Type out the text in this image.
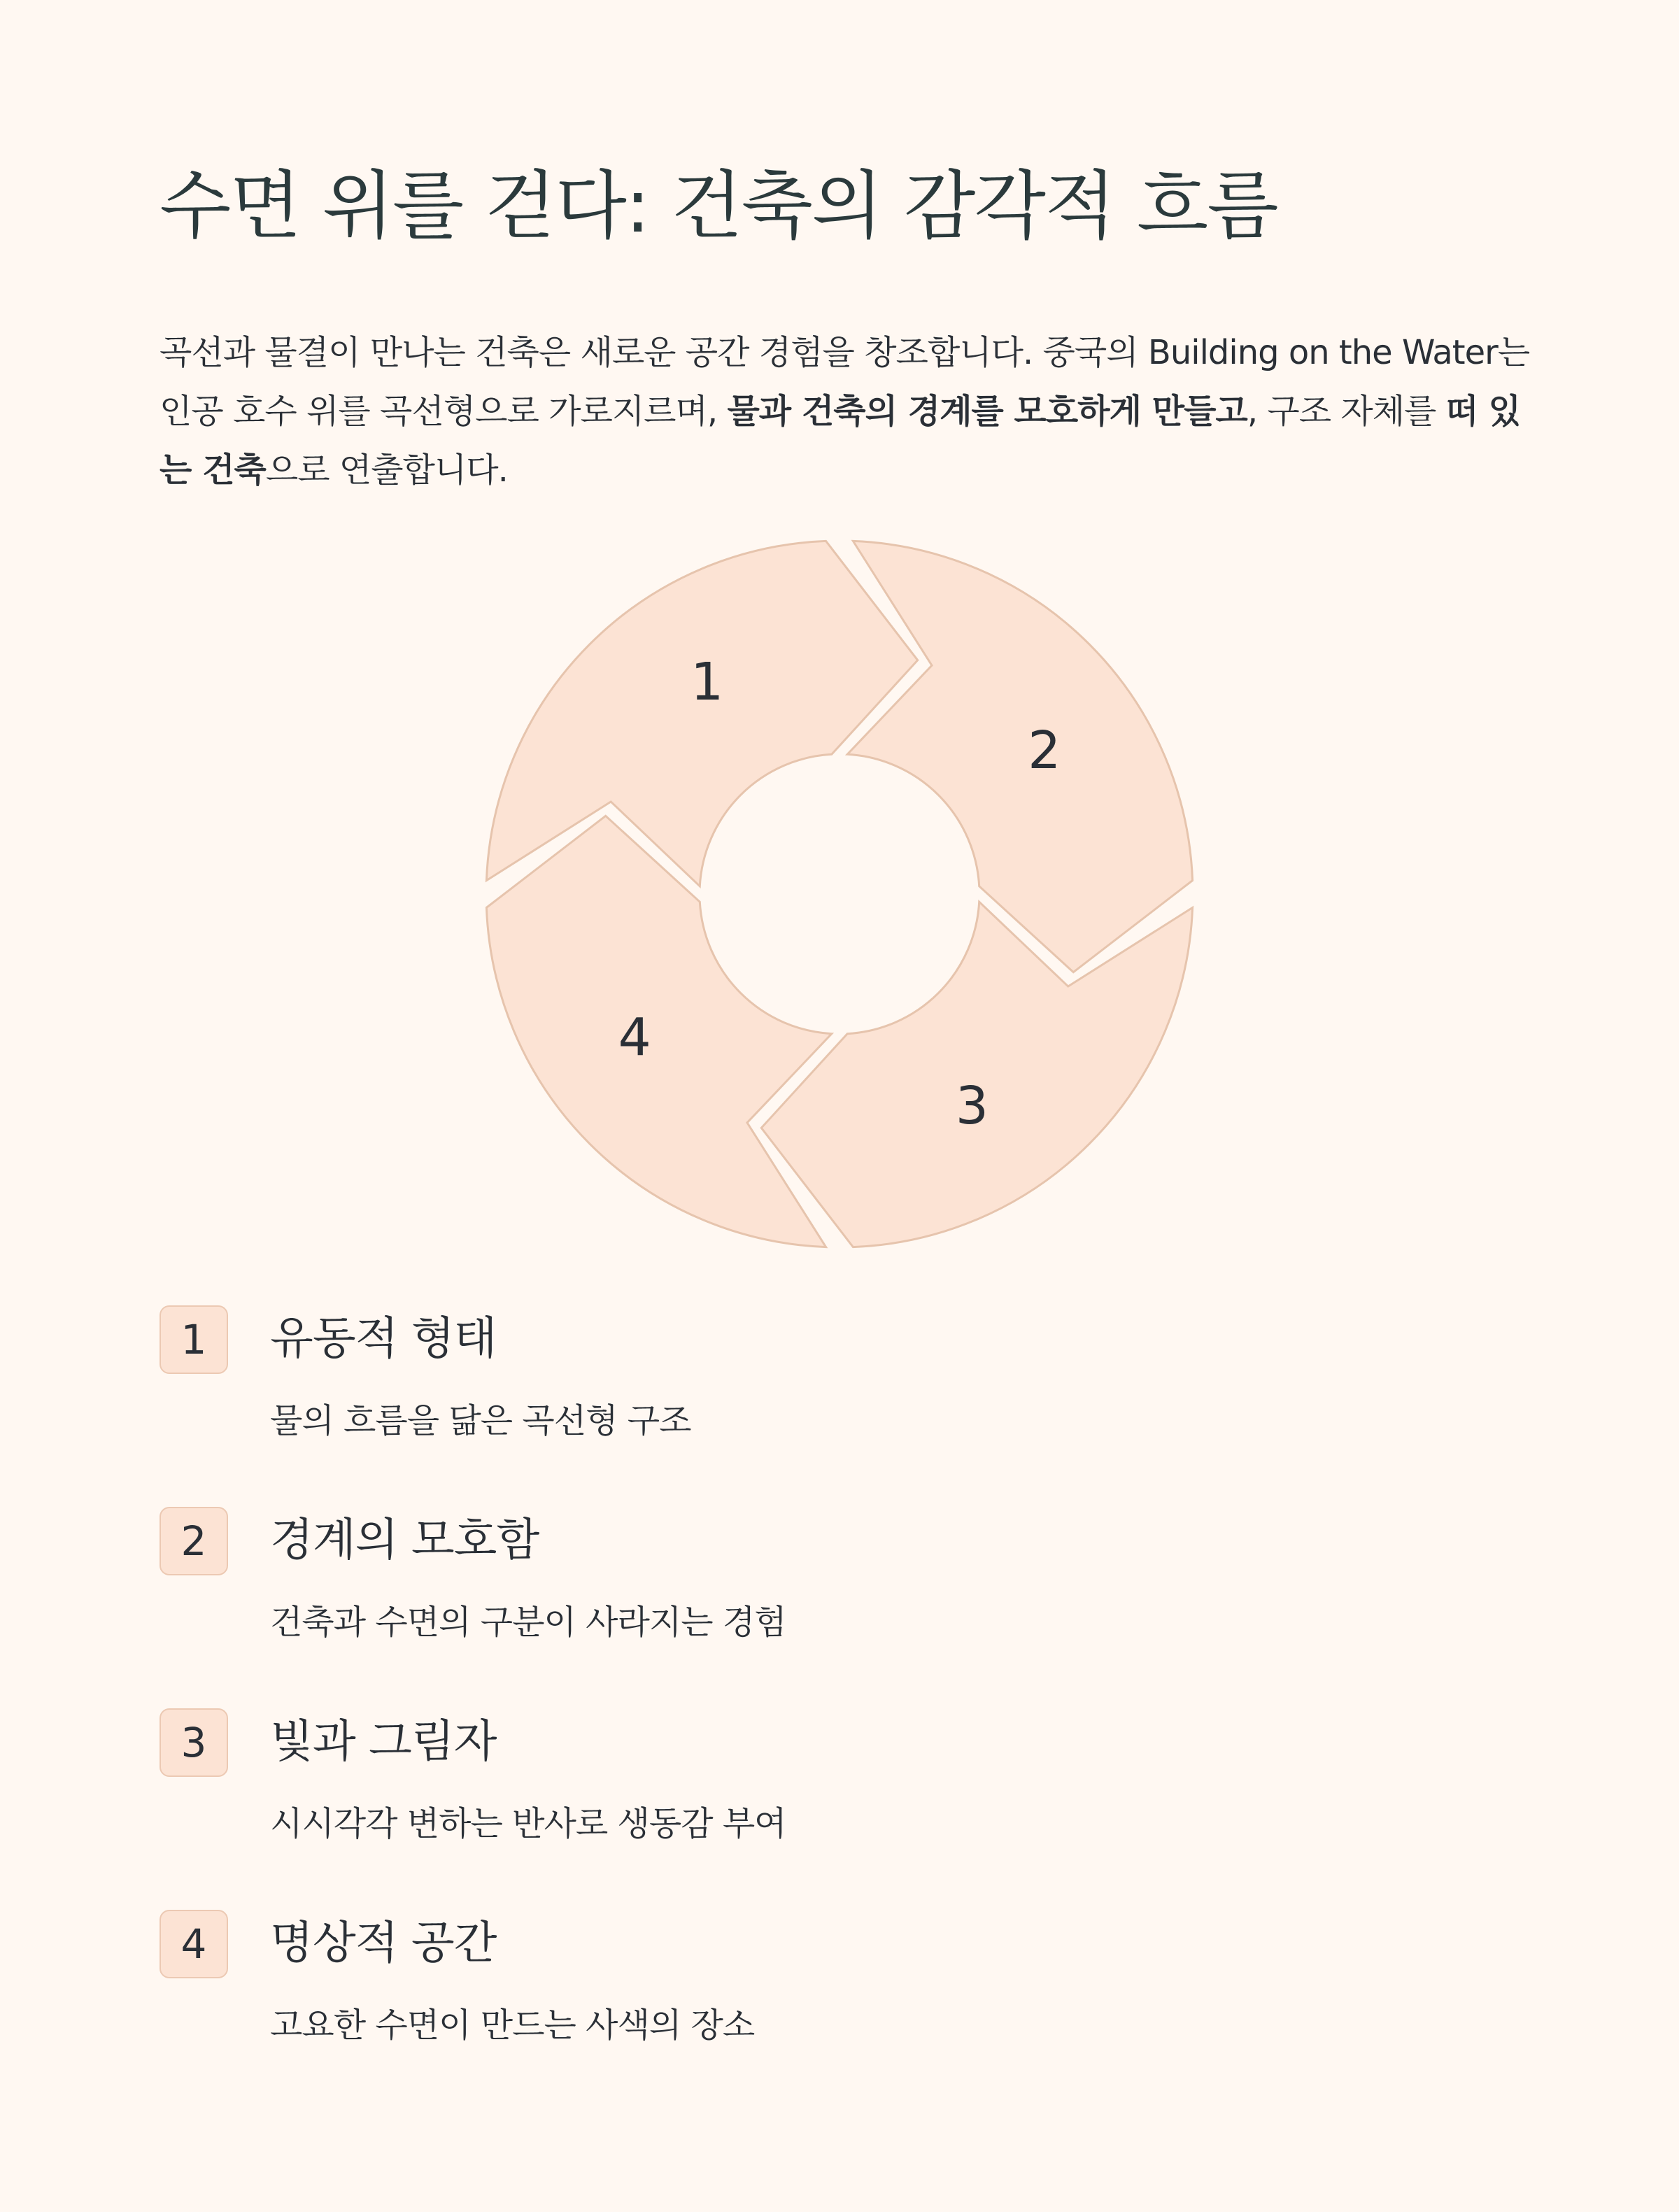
수면 위를 걷다: 건축의 감각적 흐름

곡선과 물결이 만나는 건축은 새로운 공간 경험을 창조합니다. 중국의 Building on the Water는 인공 호수 위를 곡선형으로 가로지르며, 물과 건축의 경계를 모호하게 만들고, 구조 자체를 떠 있는 건축으로 연출합니다.

1
2
3
4
1	유동적 형태
물의 흐름을 닮은 곡선형 구조
2	경계의 모호함
건축과 수면의 구분이 사라지는 경험
3	빛과 그림자
시시각각 변하는 반사로 생동감 부여
4	명상적 공간
고요한 수면이 만드는 사색의 장소
